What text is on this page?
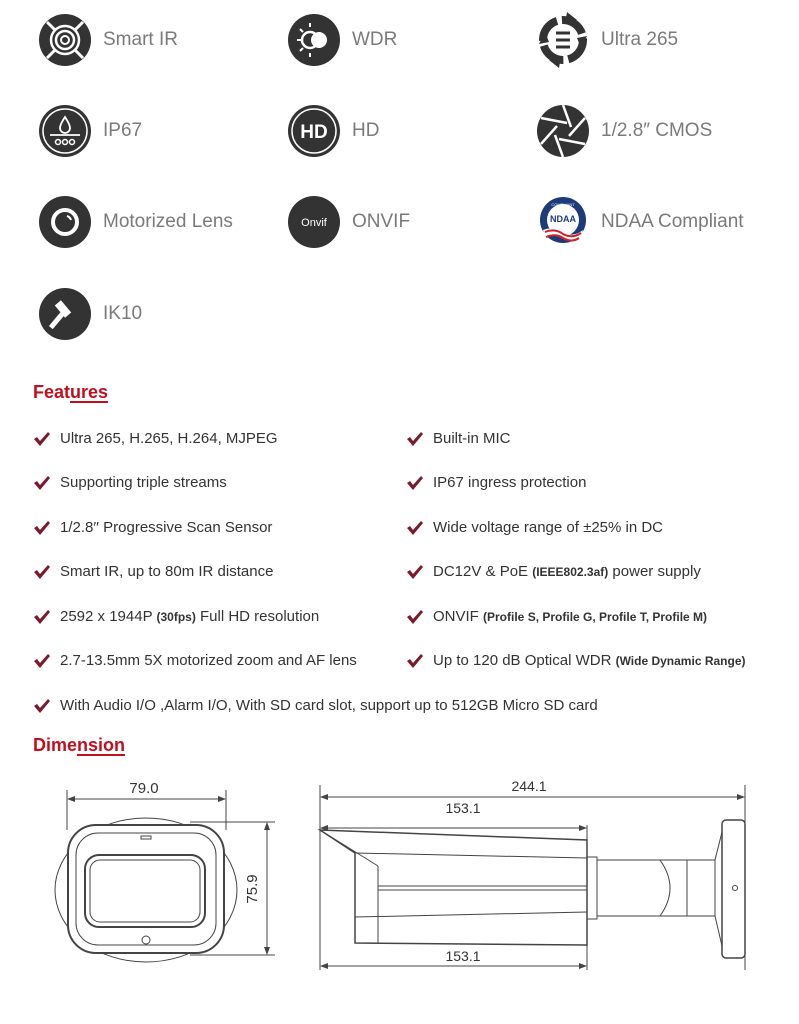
Smart IR	WDR	Ultra 265
IP67	HD HD	1/2.8″ CMOS
Motorized Lens	Onvif ONVIF
COMPLIANT
NDAA NDAA Compliant
IK10
Features
Ultra 265, H.265, H.264, MJPEG	Built-in MIC
Supporting triple streams	IP67 ingress protection
1/2.8′′ Progressive Scan Sensor	Wide voltage range of ±25% in DC
Smart IR, up to 80m IR distance	DC12V & PoE (IEEE802.3af) power supply
2592 x 1944P (30fps) Full HD resolution	ONVIF (Profile S, Profile G, Profile T, Profile M)
2.7-13.5mm 5X motorized zoom and AF lens	Up to 120 dB Optical WDR (Wide Dynamic Range)
With Audio I/O ,Alarm I/O, With SD card slot, support up to 512GB Micro SD card
Dimension
79.0
75.9
244.1
153.1
153.1
